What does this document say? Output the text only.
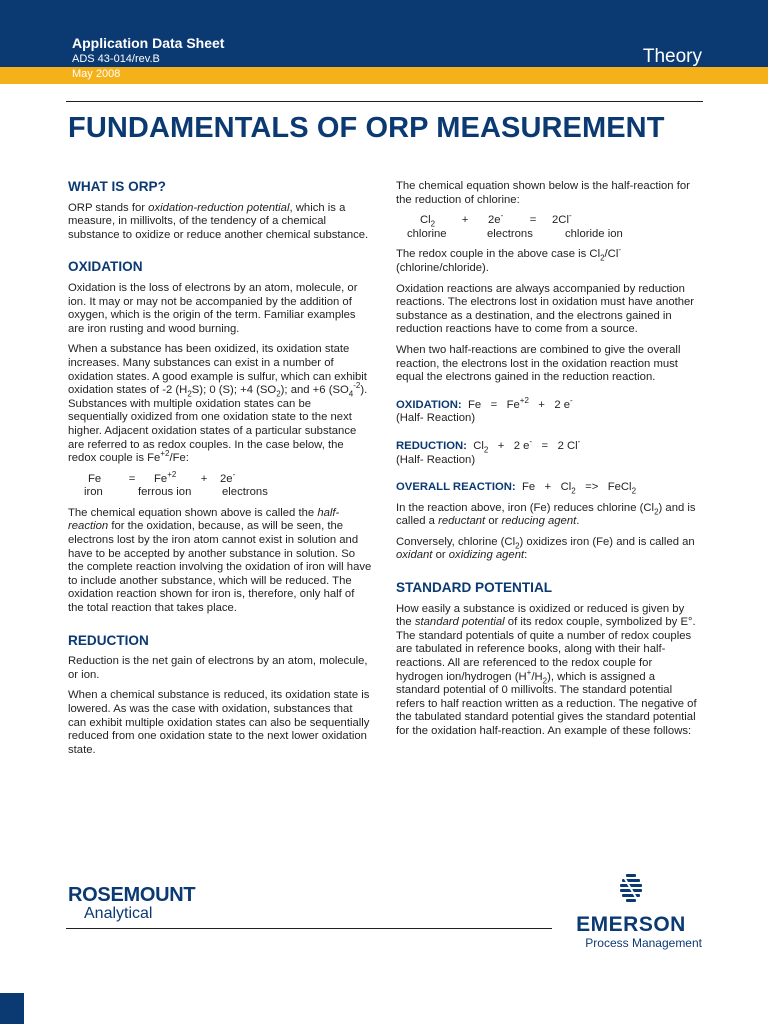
Application Data Sheet
ADS 43-014/rev.B
May 2008
Theory
FUNDAMENTALS OF ORP MEASUREMENT
WHAT IS ORP?

ORP stands for oxidation-reduction potential, which is a measure, in millivolts, of the tendency of a chemical substance to oxidize or reduce another chemical substance.

OXIDATION

Oxidation is the loss of electrons by an atom, molecule, or ion. It may or may not be accompanied by the addition of oxygen, which is the origin of the term. Familiar examples are iron rusting and wood burning.

When a substance has been oxidized, its oxidation state increases. Many substances can exist in a number of oxidation states. A good example is sulfur, which can exhibit oxidation states of -2 $(H_2S)$; 0 (S); +4 $(SO_2)$; and +6 $(SO_4^{-2})$. Substances with multiple oxidation states can be sequentially oxidized from one oxidation state to the next higher. Adjacent oxidation states of a particular substance are referred to as redox couples. In the case below, the redox couple is $Fe^{+2}/Fe$:

Fe	=	$Fe^{+2}$	+	2e-
iron	ferrous ion	electrons

The chemical equation shown above is called the half-reaction for the oxidation, because, as will be seen, the electrons lost by the iron atom cannot exist in solution and have to be accepted by another substance in solution. So the complete reaction involving the oxidation of iron will have to include another substance, which will be reduced. The oxidation reaction shown for iron is, therefore, only half of the total reaction that takes place.

REDUCTION

Reduction is the net gain of electrons by an atom, molecule, or ion.

When a chemical substance is reduced, its oxidation state is lowered. As was the case with oxidation, substances that can exhibit multiple oxidation states can also be sequentially reduced from one oxidation state to the next lower oxidation state.

The chemical equation shown below is the half-reaction for the reduction of chlorine:

$Cl_2$	+	2e-	=	2Cl-
chlorine	electrons	chloride ion

The redox couple in the above case is $Cl_2/Cl^-$ (chlorine/chloride).

Oxidation reactions are always accompanied by reduction reactions. The electrons lost in oxidation must have another substance as a destination, and the electrons gained in reduction reactions have to come from a source.

When two half-reactions are combined to give the overall reaction, the electrons lost in the oxidation reaction must equal the electrons gained in the reduction reaction.

OXIDATION: $Fe = Fe^{+2} + 2$ e-
(Half- Reaction)
REDUCTION: $Cl_2 + 2$ e-   =   2 Cl-
(Half- Reaction)
OVERALL REACTION: $Fe + Cl_2$   =>   FeCl$_2$

In the reaction above, iron (Fe) reduces chlorine $(Cl_2)$ and is called a reductant or reducing agent.

Conversely, chlorine $(Cl_2)$ oxidizes iron (Fe) and is called an oxidant or oxidizing agent:

STANDARD POTENTIAL

How easily a substance is oxidized or reduced is given by the standard potential of its redox couple, symbolized by E°. The standard potentials of quite a number of redox couples are tabulated in reference books, along with their half-reactions. All are referenced to the redox couple for hydrogen ion/hydrogen $(H^+/H_2)$, which is assigned a standard potential of 0 millivolts. The standard potential refers to half reaction written as a reduction. The negative of the tabulated standard potential gives the standard potential for the oxidation half-reaction. An example of these follows:

ROSEMOUNT
Analytical	EMERSON
Process Management
